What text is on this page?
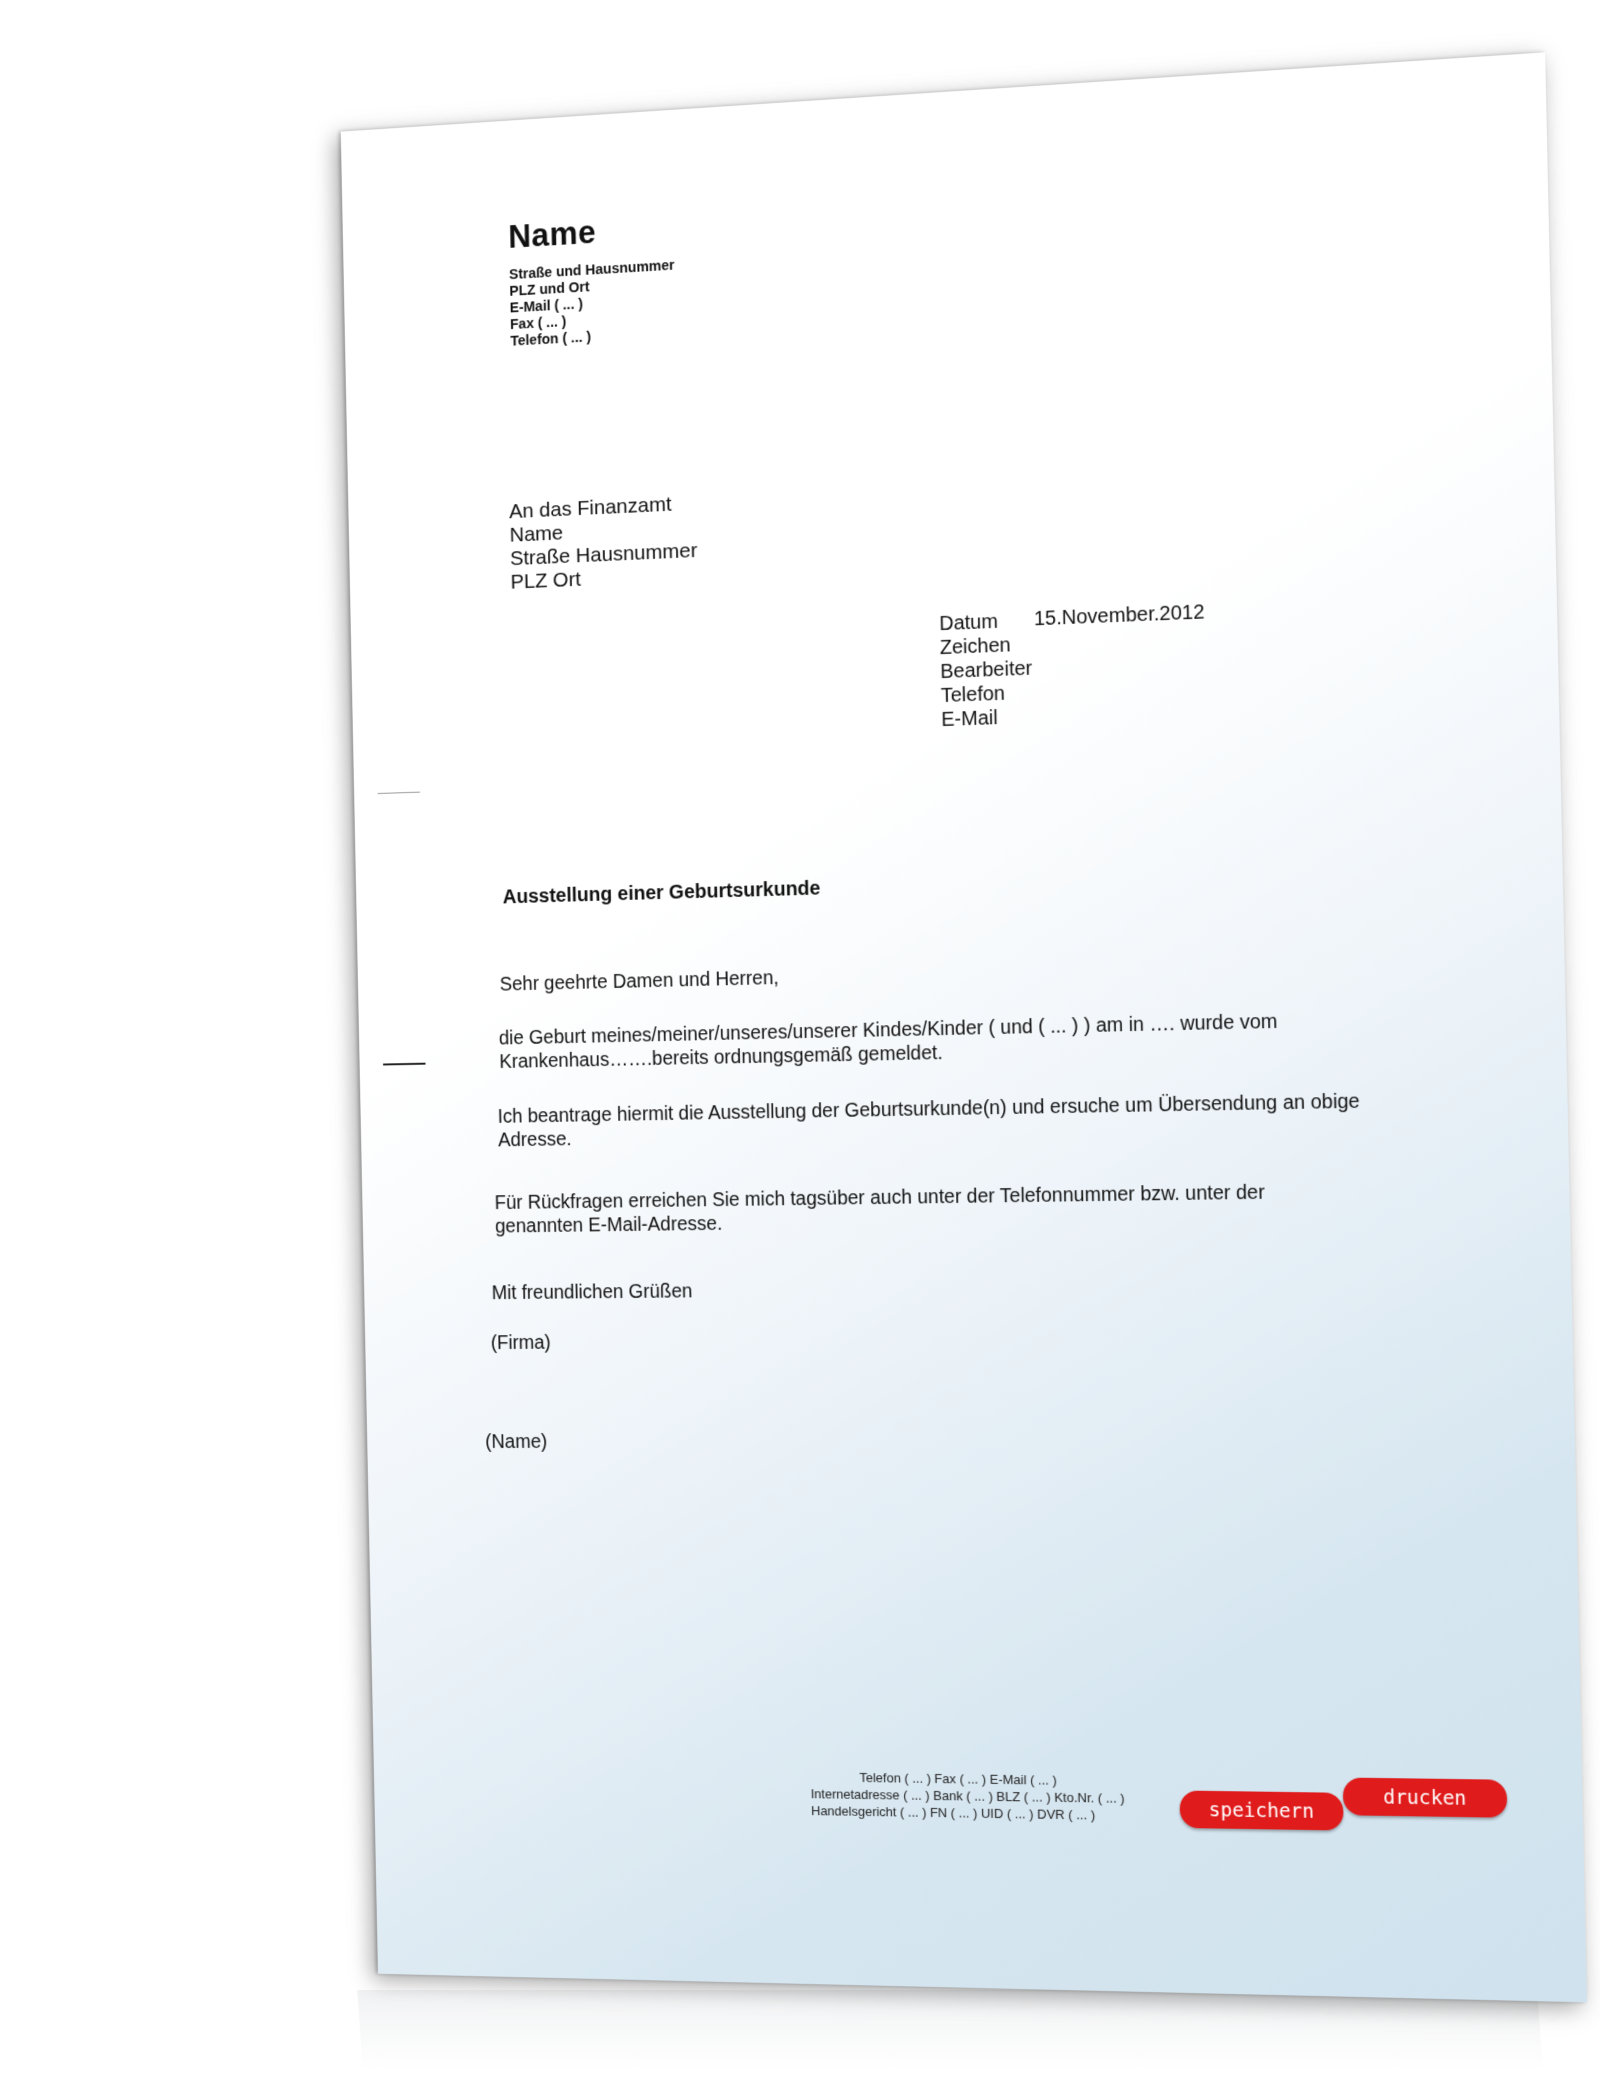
Name
Straße und Hausnummer
PLZ und Ort
E-Mail ( ... )
Fax ( ... )
Telefon ( ... )
An das Finanzamt
Name
Straße Hausnummer
PLZ Ort
Datum
Zeichen
Bearbeiter
Telefon
E-Mail
15.November.2012
Ausstellung einer Geburtsurkunde
Sehr geehrte Damen und Herren,
die Geburt meines/meiner/unseres/unserer Kindes/Kinder ( und ( ... ) ) am in …. wurde vom
Krankenhaus…….bereits ordnungsgemäß gemeldet.
Ich beantrage hiermit die Ausstellung der Geburtsurkunde(n) und ersuche um Übersendung an obige
Adresse.
Für Rückfragen erreichen Sie mich tagsüber auch unter der Telefonnummer bzw. unter der
genannten E-Mail-Adresse.
Mit freundlichen Grüßen
(Firma)
(Name)
Telefon ( ... ) Fax ( ... ) E-Mail ( ... )
Internetadresse ( ... ) Bank ( ... ) BLZ ( ... ) Kto.Nr. ( ... )
Handelsgericht ( ... ) FN ( ... ) UID ( ... ) DVR ( ... )	speichern
drucken
